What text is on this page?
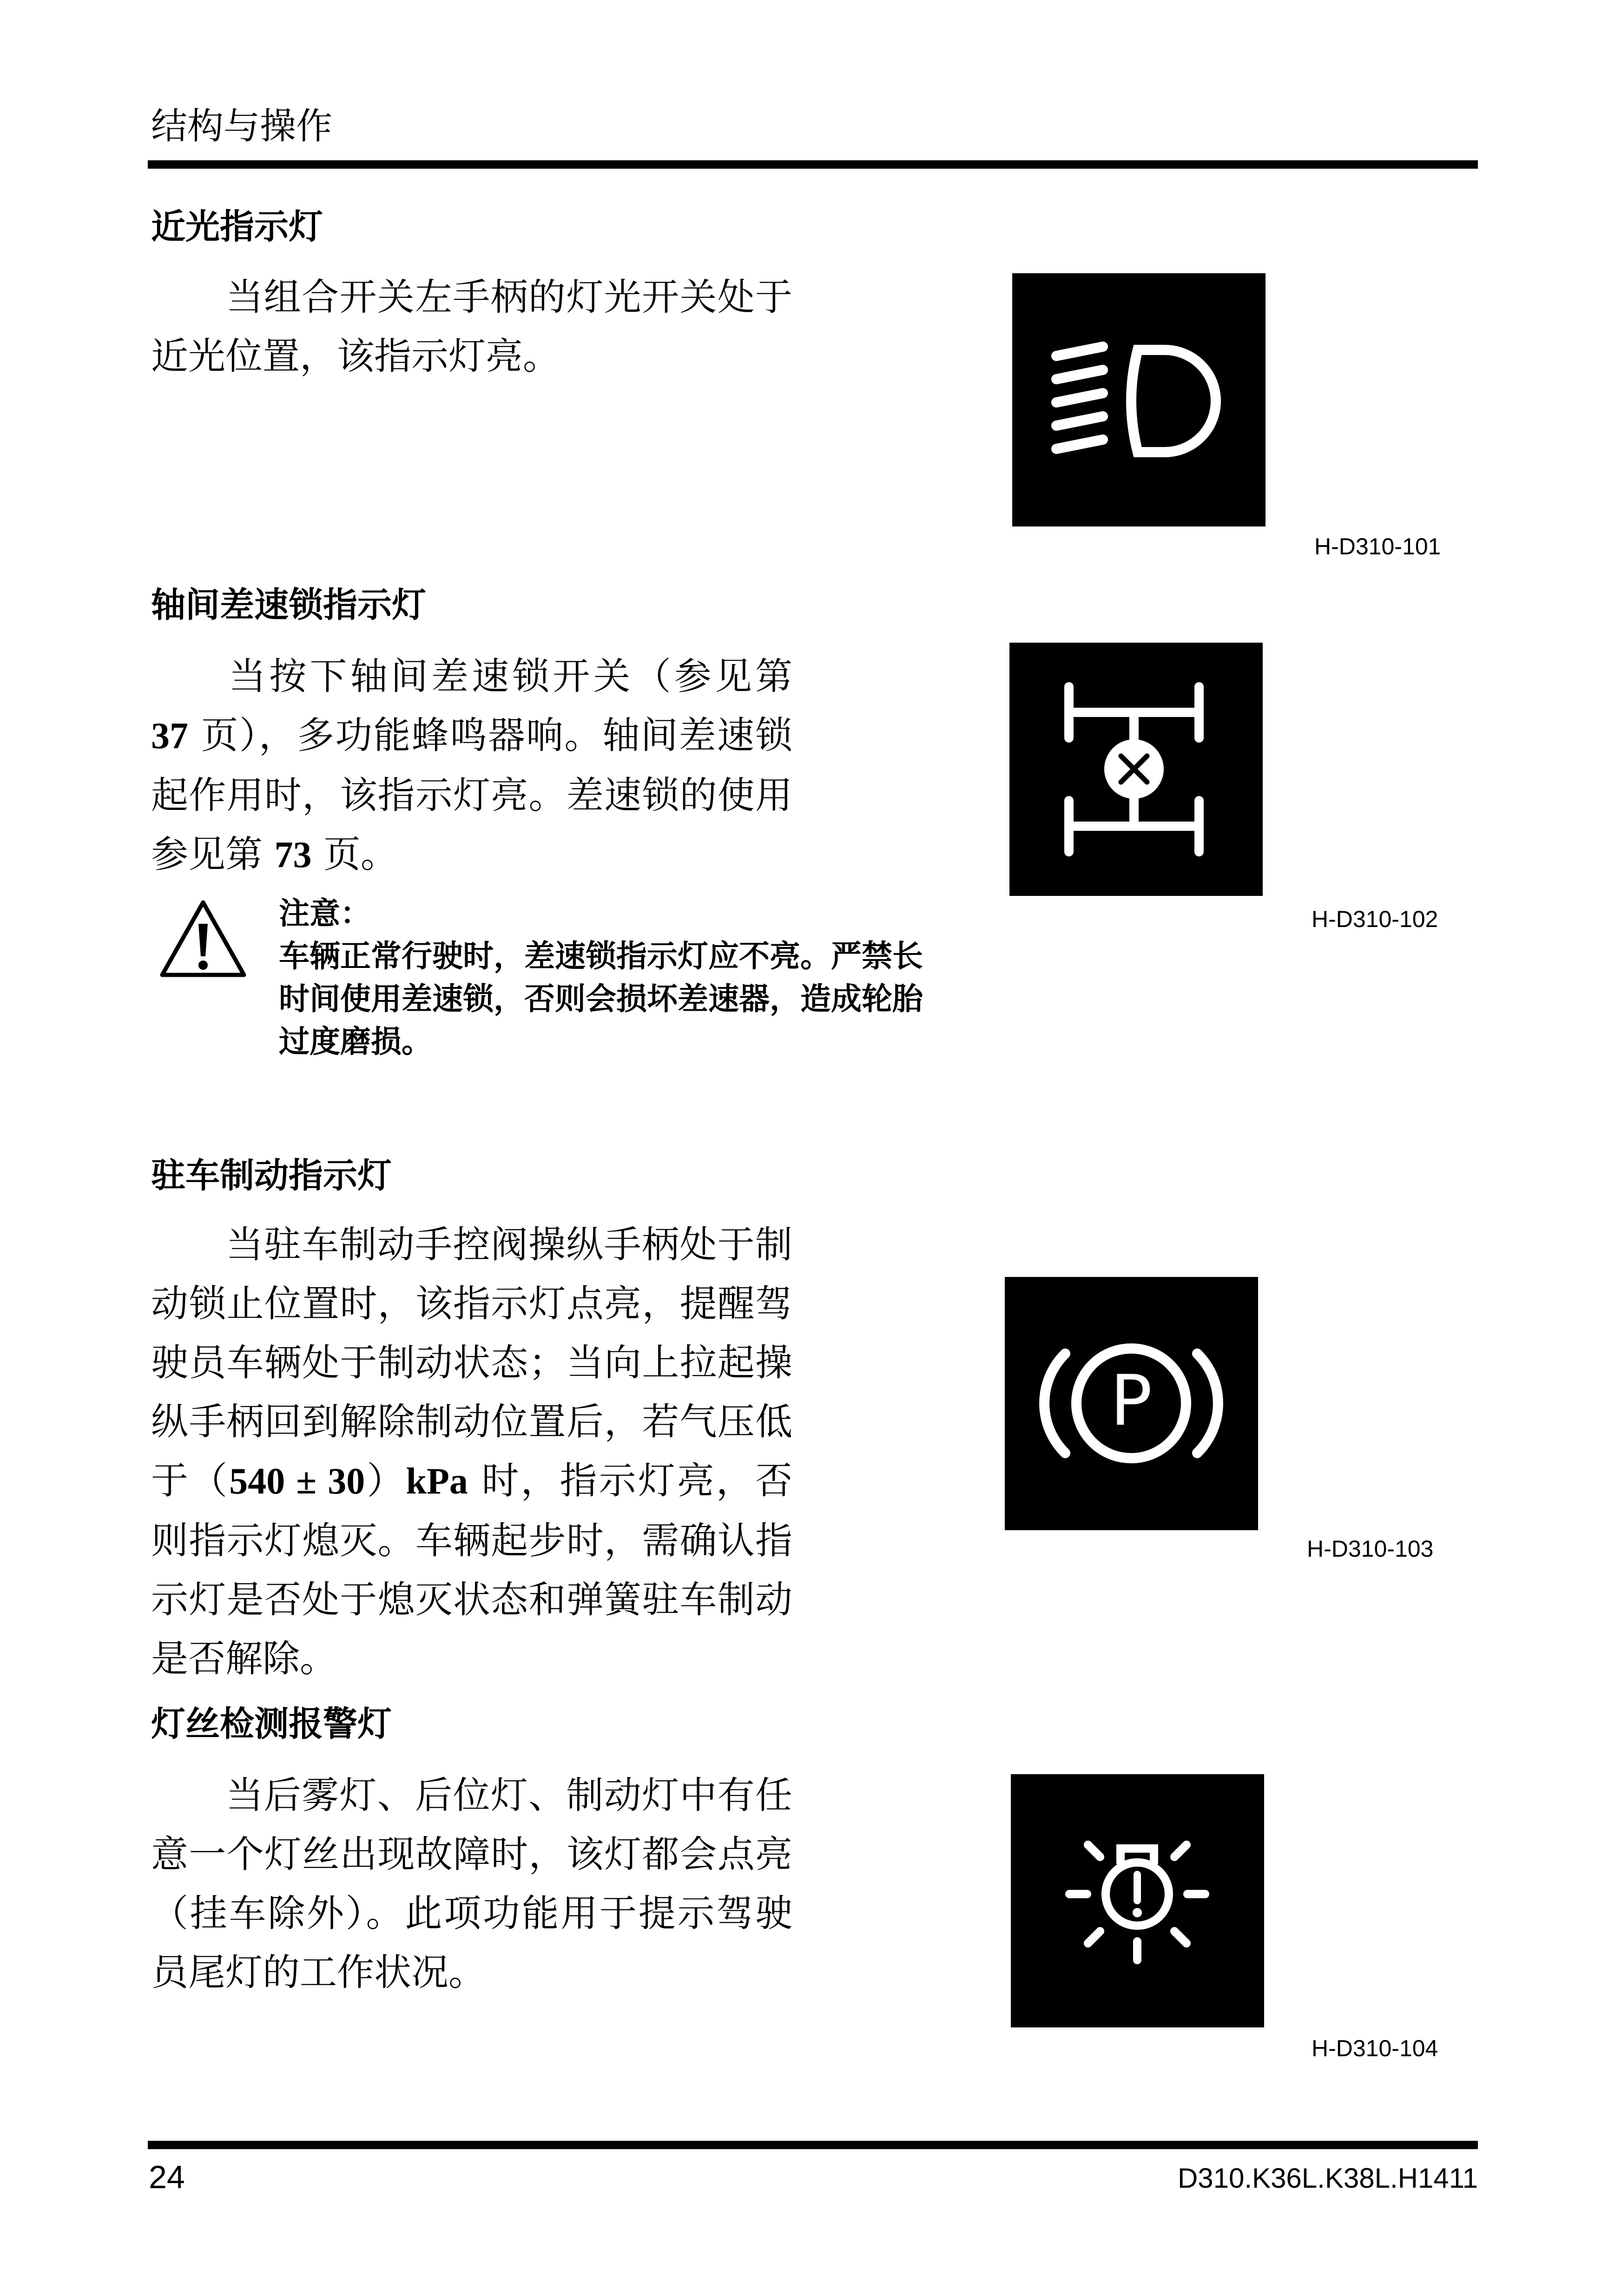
结构与操作
近光指示灯

当组合开关左手柄的灯光开关处于近光位置，该指示灯亮。

H-D310-101
轴间差速锁指示灯

当按下轴间差速锁开关（参见第 37 页），多功能蜂鸣器响。轴间差速锁起作用时，该指示灯亮。差速锁的使用参见第 73 页。

H-D310-102
注意：
车辆正常行驶时，差速锁指示灯应不亮。严禁长时间使用差速锁，否则会损坏差速器，造成轮胎过度磨损。
驻车制动指示灯

当驻车制动手控阀操纵手柄处于制动锁止位置时，该指示灯点亮，提醒驾驶员车辆处于制动状态；当向上拉起操纵手柄回到解除制动位置后，若气压低于（540 ± 30）kPa 时，指示灯亮，否则指示灯熄灭。车辆起步时，需确认指示灯是否处于熄灭状态和弹簧驻车制动是否解除。

P
H-D310-103
灯丝检测报警灯

当后雾灯、后位灯、制动灯中有任意一个灯丝出现故障时，该灯都会点亮（挂车除外）。此项功能用于提示驾驶员尾灯的工作状况。

H-D310-104
24	D310.K36L.K38L.H1411
